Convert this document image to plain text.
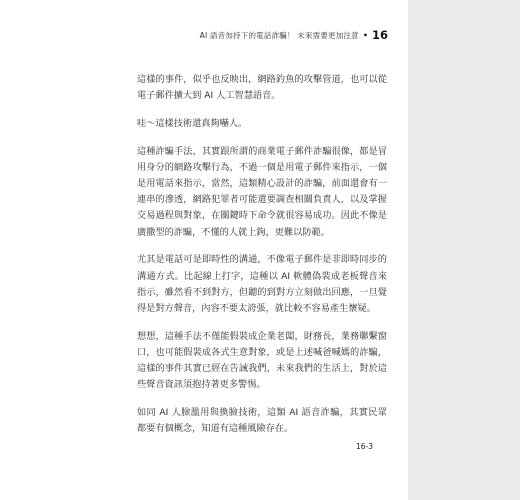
AI 語音加持下的電話詐騙！ 未來需要更加注意 • 16

這樣的事件，似乎也反映出，網路釣魚的攻擊管道，也可以從電子郵件擴大到 AI 人工智慧語音。

哇～這樣技術還真夠嚇人。

這種詐騙手法，其實跟所謂的商業電子郵件詐騙很像，都是冒用身分的網路攻擊行為，不過一個是用電子郵件來指示，一個是用電話來指示，當然，這類精心設計的詐騙，前面還會有一連串的滲透，網路犯罪者可能還要調查相關負責人，以及掌握交易過程與對象，在關鍵時下命令就很容易成功。因此不像是廣撒型的詐騙，不懂的人就上鉤，更難以防範。

尤其是電話可是即時性的溝通，不像電子郵件是非即時同步的溝通方式。比起線上打字，這種以 AI 軟體偽裝成老板聲音來指示，雖然看不到對方，但聽的到對方立刻做出回應，一旦覺得是對方聲音，內容不要太誇張，就比較不容易產生懷疑。

想想，這種手法不僅能假裝成企業老闆，財務長，業務聯繫窗口，也可能假裝成各式生意對象，或是上述喊爸喊媽的詐騙，這樣的事件其實已經在告誡我們，未來我們的生活上，對於這些聲音資訊須抱持著更多警惕。

如同 AI 人臉濫用與換臉技術，這類 AI 語音詐騙，其實民眾都要有個概念，知道有這種風險存在。

16-3
